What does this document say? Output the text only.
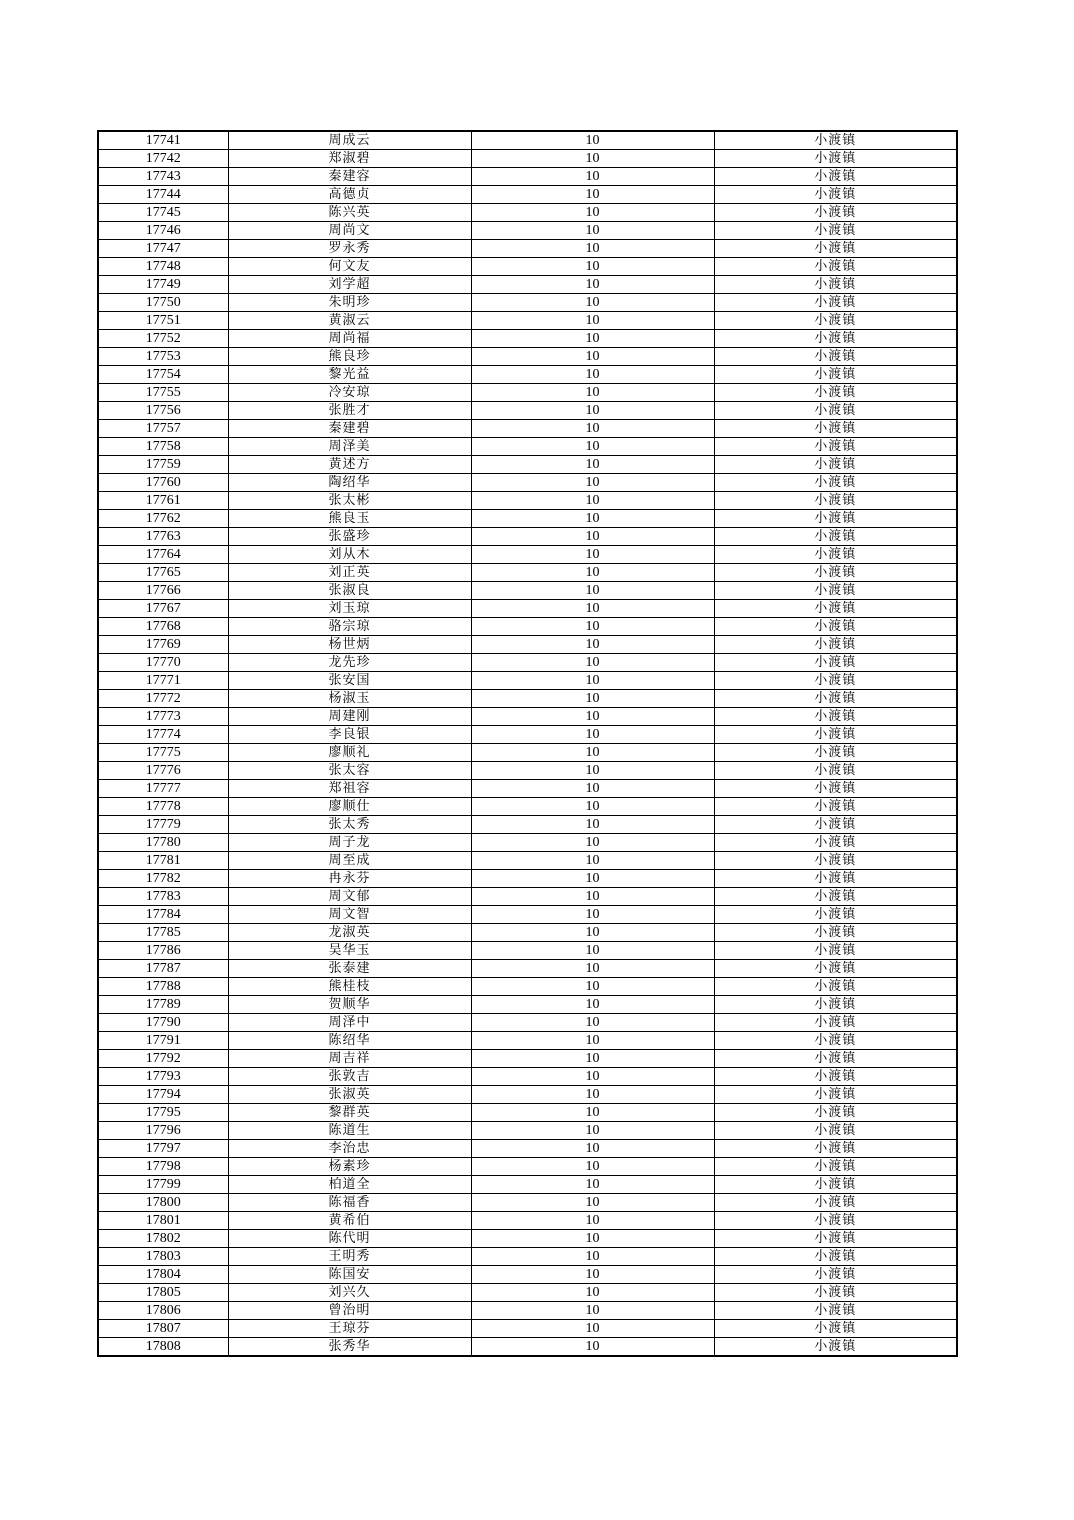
17741	周成云	10	小渡镇
17742	郑淑碧	10	小渡镇
17743	秦建容	10	小渡镇
17744	高德贞	10	小渡镇
17745	陈兴英	10	小渡镇
17746	周尚文	10	小渡镇
17747	罗永秀	10	小渡镇
17748	何文友	10	小渡镇
17749	刘学超	10	小渡镇
17750	朱明珍	10	小渡镇
17751	黄淑云	10	小渡镇
17752	周尚福	10	小渡镇
17753	熊良珍	10	小渡镇
17754	黎光益	10	小渡镇
17755	冷安琼	10	小渡镇
17756	张胜才	10	小渡镇
17757	秦建碧	10	小渡镇
17758	周泽美	10	小渡镇
17759	黄述方	10	小渡镇
17760	陶绍华	10	小渡镇
17761	张太彬	10	小渡镇
17762	熊良玉	10	小渡镇
17763	张盛珍	10	小渡镇
17764	刘从木	10	小渡镇
17765	刘正英	10	小渡镇
17766	张淑良	10	小渡镇
17767	刘玉琼	10	小渡镇
17768	骆宗琼	10	小渡镇
17769	杨世炳	10	小渡镇
17770	龙先珍	10	小渡镇
17771	张安国	10	小渡镇
17772	杨淑玉	10	小渡镇
17773	周建刚	10	小渡镇
17774	李良银	10	小渡镇
17775	廖顺礼	10	小渡镇
17776	张太容	10	小渡镇
17777	郑祖容	10	小渡镇
17778	廖顺仕	10	小渡镇
17779	张太秀	10	小渡镇
17780	周子龙	10	小渡镇
17781	周至成	10	小渡镇
17782	冉永芬	10	小渡镇
17783	周文郁	10	小渡镇
17784	周文智	10	小渡镇
17785	龙淑英	10	小渡镇
17786	吴华玉	10	小渡镇
17787	张泰建	10	小渡镇
17788	熊桂枝	10	小渡镇
17789	贺顺华	10	小渡镇
17790	周泽中	10	小渡镇
17791	陈绍华	10	小渡镇
17792	周吉祥	10	小渡镇
17793	张敦吉	10	小渡镇
17794	张淑英	10	小渡镇
17795	黎群英	10	小渡镇
17796	陈道生	10	小渡镇
17797	李治忠	10	小渡镇
17798	杨素珍	10	小渡镇
17799	柏道全	10	小渡镇
17800	陈福香	10	小渡镇
17801	黄希伯	10	小渡镇
17802	陈代明	10	小渡镇
17803	王明秀	10	小渡镇
17804	陈国安	10	小渡镇
17805	刘兴久	10	小渡镇
17806	曾治明	10	小渡镇
17807	王琼芬	10	小渡镇
17808	张秀华	10	小渡镇
